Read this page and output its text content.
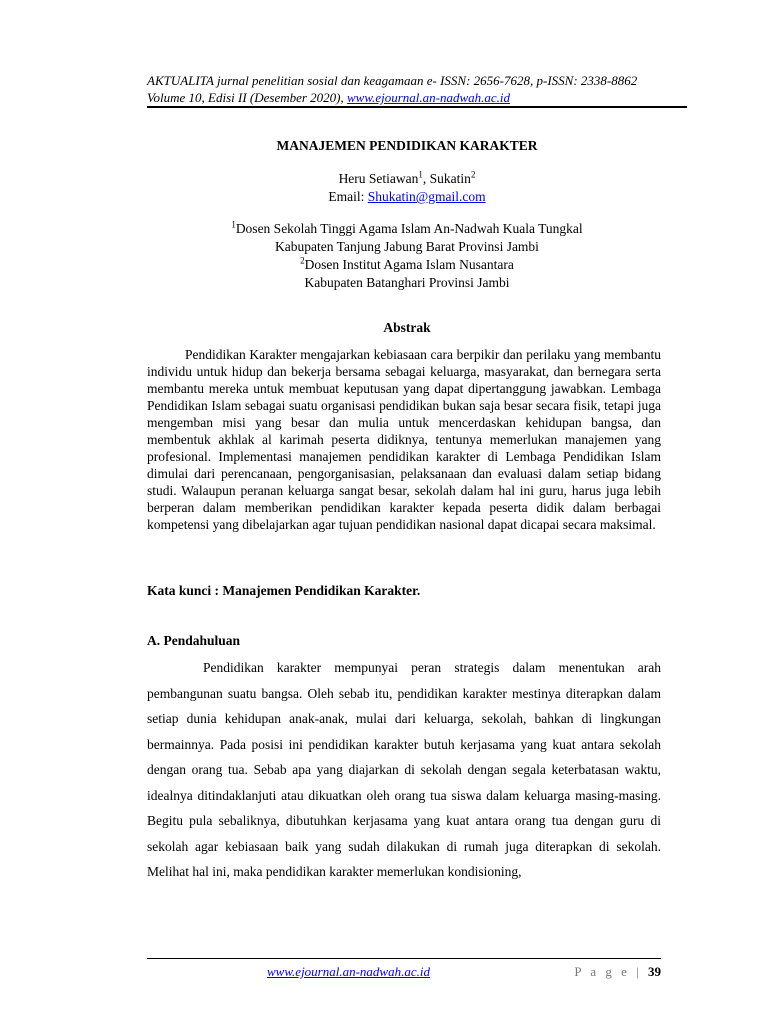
AKTUALITA jurnal penelitian sosial dan keagamaan e- ISSN: 2656-7628, p-ISSN: 2338-8862
Volume 10, Edisi II (Desember 2020), www.ejournal.an-nadwah.ac.id
MANAJEMEN PENDIDIKAN KARAKTER
Heru Setiawan$^1$, Sukatin$^2$
Email: Shukatin@gmail.com
$^1$Dosen Sekolah Tinggi Agama Islam An-Nadwah Kuala Tungkal
Kabupaten Tanjung Jabung Barat Provinsi Jambi
$^2$Dosen Institut Agama Islam Nusantara
Kabupaten Batanghari Provinsi Jambi
Abstrak

Pendidikan Karakter mengajarkan kebiasaan cara berpikir dan perilaku yang membantu individu untuk hidup dan bekerja bersama sebagai keluarga, masyarakat, dan bernegara serta membantu mereka untuk membuat keputusan yang dapat dipertanggung jawabkan. Lembaga Pendidikan Islam sebagai suatu organisasi pendidikan bukan saja besar secara fisik, tetapi juga mengemban misi yang besar dan mulia untuk mencerdaskan kehidupan bangsa, dan membentuk akhlak al karimah peserta didiknya, tentunya memerlukan manajemen yang profesional. Implementasi manajemen pendidikan karakter di Lembaga Pendidikan Islam dimulai dari perencanaan, pengorganisasian, pelaksanaan dan evaluasi dalam setiap bidang studi. Walaupun peranan keluarga sangat besar, sekolah dalam hal ini guru, harus juga lebih berperan dalam memberikan pendidikan karakter kepada peserta didik dalam berbagai kompetensi yang dibelajarkan agar tujuan pendidikan nasional dapat dicapai secara maksimal.

Kata kunci : Manajemen Pendidikan Karakter.

A. Pendahuluan

Pendidikan karakter mempunyai peran strategis dalam menentukan arah pembangunan suatu bangsa. Oleh sebab itu, pendidikan karakter mestinya diterapkan dalam setiap dunia kehidupan anak-anak, mulai dari keluarga, sekolah, bahkan di lingkungan bermainnya. Pada posisi ini pendidikan karakter butuh kerjasama yang kuat antara sekolah dengan orang tua. Sebab apa yang diajarkan di sekolah dengan segala keterbatasan waktu, idealnya ditindaklanjuti atau dikuatkan oleh orang tua siswa dalam keluarga masing-masing. Begitu pula sebaliknya, dibutuhkan kerjasama yang kuat antara orang tua dengan guru di sekolah agar kebiasaan baik yang sudah dilakukan di rumah juga diterapkan di sekolah. Melihat hal ini, maka pendidikan karakter memerlukan kondisioning,

www.ejournal.an-nadwah.ac.id	P a g e | 39
